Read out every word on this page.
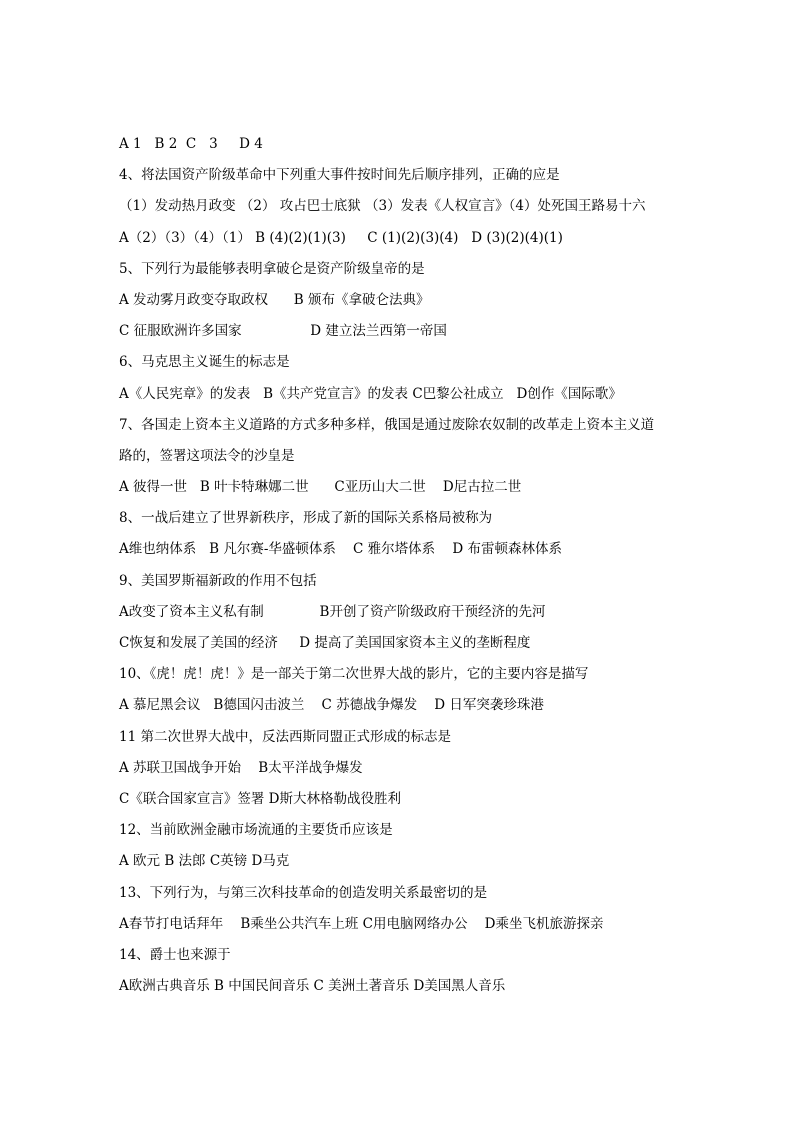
A 1   B 2  C   3     D 4
4、将法国资产阶级革命中下列重大事件按时间先后顺序排列，正确的应是
（1）发动热月政变 （2） 攻占巴士底狱 （3）发表《人权宣言》（4）处死国王路易十六
A（2）（3）（4）（1） B (4)(2)(1)(3)     C (1)(2)(3)(4)   D (3)(2)(4)(1)
5、下列行为最能够表明拿破仑是资产阶级皇帝的是
A 发动雾月政变夺取政权      B 颁布《拿破仑法典》
C 征服欧洲许多国家                D 建立法兰西第一帝国
6、马克思主义诞生的标志是
A《人民宪章》的发表   B《共产党宣言》的发表 C巴黎公社成立   D创作《国际歌》
7、各国走上资本主义道路的方式多种多样，俄国是通过废除农奴制的改革走上资本主义道
路的，签署这项法令的沙皇是
A 彼得一世   B 叶卡特琳娜二世      C亚历山大二世    D尼古拉二世
8、一战后建立了世界新秩序，形成了新的国际关系格局被称为
A维也纳体系   B 凡尔赛-华盛顿体系    C 雅尔塔体系    D 布雷顿森林体系
9、美国罗斯福新政的作用不包括
A改变了资本主义私有制             B开创了资产阶级政府干预经济的先河
C恢复和发展了美国的经济     D 提高了美国国家资本主义的垄断程度
10、《虎！虎！虎！》是一部关于第二次世界大战的影片，它的主要内容是描写
A 慕尼黑会议   B德国闪击波兰    C 苏德战争爆发    D 日军突袭珍珠港
11 第二次世界大战中，反法西斯同盟正式形成的标志是
A 苏联卫国战争开始    B太平洋战争爆发
C《联合国家宣言》签署 D斯大林格勒战役胜利
12、当前欧洲金融市场流通的主要货币应该是
A 欧元 B 法郎 C英镑 D马克
13、下列行为，与第三次科技革命的创造发明关系最密切的是
A春节打电话拜年    B乘坐公共汽车上班 C用电脑网络办公    D乘坐飞机旅游探亲
14、爵士也来源于
A欧洲古典音乐 B 中国民间音乐 C 美洲土著音乐 D美国黑人音乐
